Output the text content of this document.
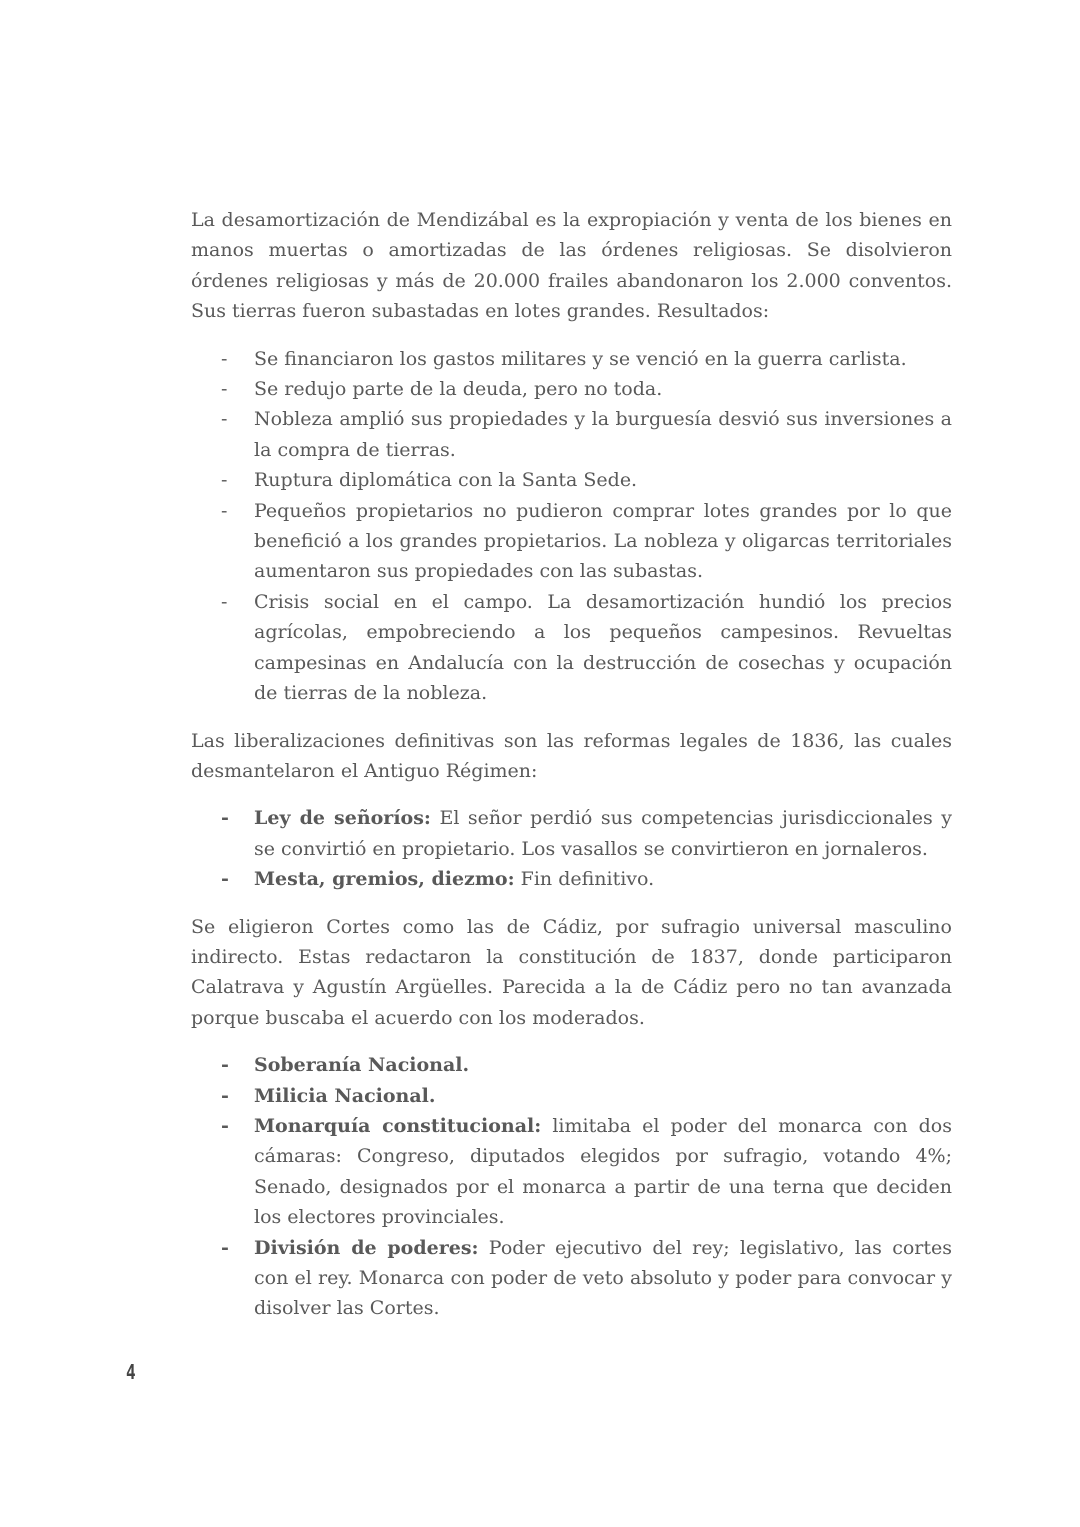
La desamortización de Mendizábal es la expropiación y venta de los bienes en manos muertas o amortizadas de las órdenes religiosas. Se disolvieron órdenes religiosas y más de 20.000 frailes abandonaron los 2.000 conventos. Sus tierras fueron subastadas en lotes grandes. Resultados:

- Se financiaron los gastos militares y se venció en la guerra carlista.
- Se redujo parte de la deuda, pero no toda.
- Nobleza amplió sus propiedades y la burguesía desvió sus inversiones a la compra de tierras.
- Ruptura diplomática con la Santa Sede.
- Pequeños propietarios no pudieron comprar lotes grandes por lo que benefició a los grandes propietarios. La nobleza y oligarcas territoriales aumentaron sus propiedades con las subastas.
- Crisis social en el campo. La desamortización hundió los precios agrícolas, empobreciendo a los pequeños campesinos. Revueltas campesinas en Andalucía con la destrucción de cosechas y ocupación de tierras de la nobleza.

Las liberalizaciones definitivas son las reformas legales de 1836, las cuales desmantelaron el Antiguo Régimen:

- Ley de señoríos: El señor perdió sus competencias jurisdiccionales y se convirtió en propietario. Los vasallos se convirtieron en jornaleros.
- Mesta, gremios, diezmo: Fin definitivo.

Se eligieron Cortes como las de Cádiz, por sufragio universal masculino indirecto. Estas redactaron la constitución de 1837, donde participaron Calatrava y Agustín Argüelles. Parecida a la de Cádiz pero no tan avanzada porque buscaba el acuerdo con los moderados.

- Soberanía Nacional.
- Milicia Nacional.
- Monarquía constitucional: limitaba el poder del monarca con dos cámaras: Congreso, diputados elegidos por sufragio, votando 4%; Senado, designados por el monarca a partir de una terna que deciden los electores provinciales.
- División de poderes: Poder ejecutivo del rey; legislativo, las cortes con el rey. Monarca con poder de veto absoluto y poder para convocar y disolver las Cortes.
4
